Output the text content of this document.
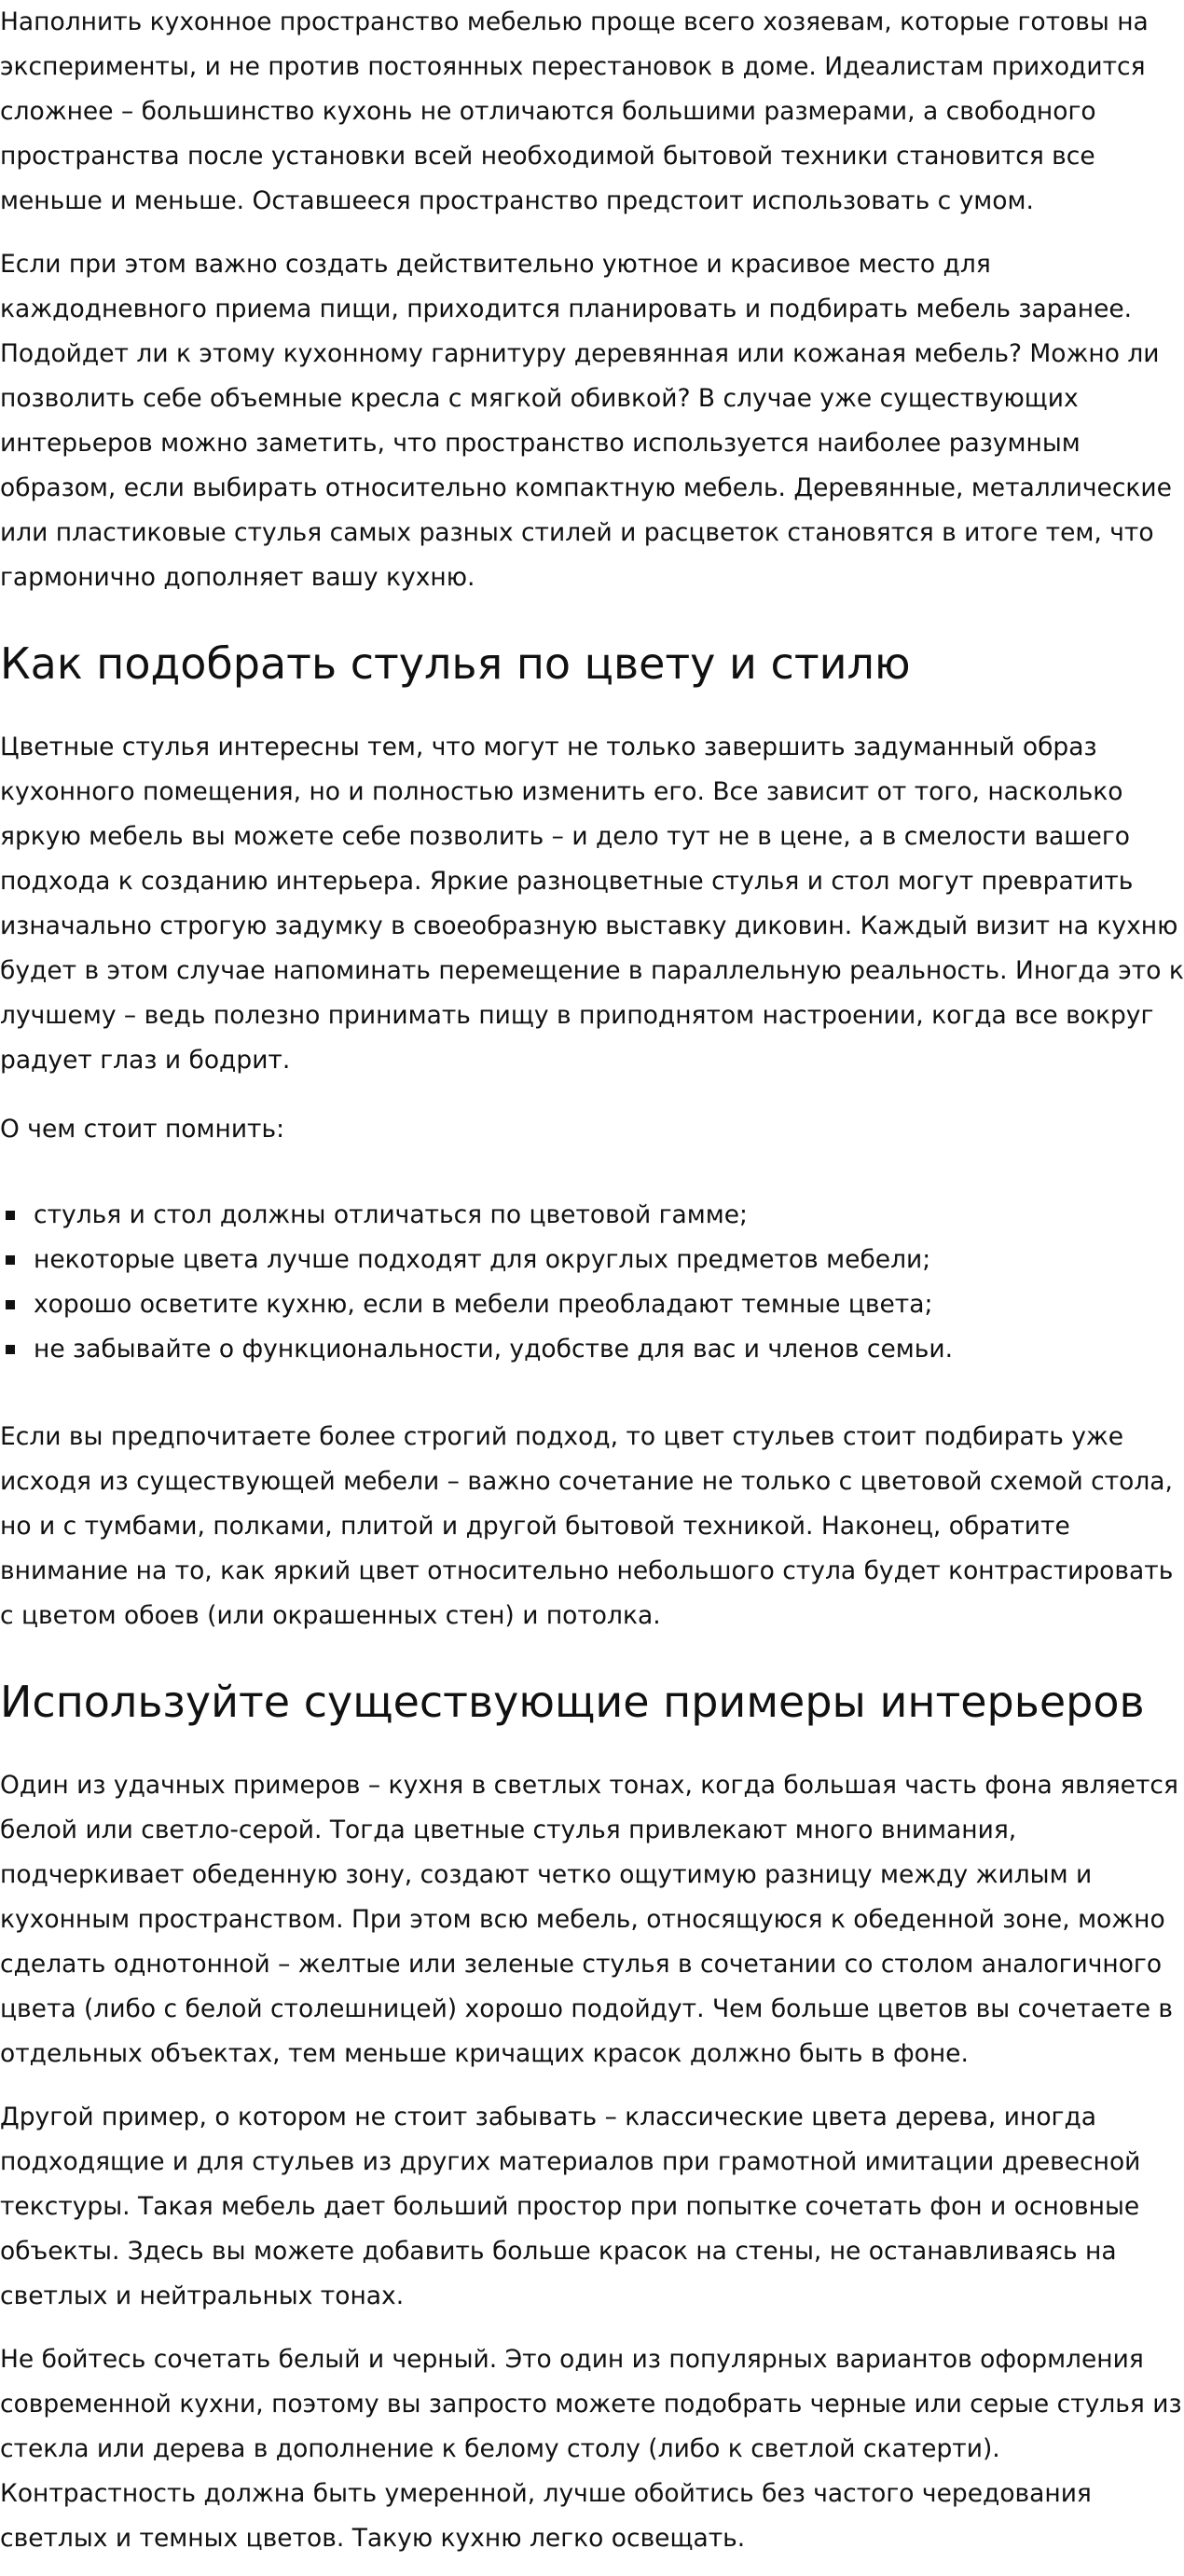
Наполнить кухонное пространство мебелью проще всего хозяевам, которые готовы на эксперименты, и не против постоянных перестановок в доме. Идеалистам приходится сложнее – большинство кухонь не отличаются большими размерами, а свободного пространства после установки всей необходимой бытовой техники становится все меньше и меньше. Оставшееся пространство предстоит использовать с умом.

Если при этом важно создать действительно уютное и красивое место для каждодневного приема пищи, приходится планировать и подбирать мебель заранее. Подойдет ли к этому кухонному гарнитуру деревянная или кожаная мебель? Можно ли позволить себе объемные кресла с мягкой обивкой? В случае уже существующих интерьеров можно заметить, что пространство используется наиболее разумным образом, если выбирать относительно компактную мебель. Деревянные, металлические или пластиковые стулья самых разных стилей и расцветок становятся в итоге тем, что гармонично дополняет вашу кухню.

Как подобрать стулья по цвету и стилю

Цветные стулья интересны тем, что могут не только завершить задуманный образ кухонного помещения, но и полностью изменить его. Все зависит от того, насколько яркую мебель вы можете себе позволить – и дело тут не в цене, а в смелости вашего подхода к созданию интерьера. Яркие разноцветные стулья и стол могут превратить изначально строгую задумку в своеобразную выставку диковин. Каждый визит на кухню будет в этом случае напоминать перемещение в параллельную реальность. Иногда это к лучшему – ведь полезно принимать пищу в приподнятом настроении, когда все вокруг радует глаз и бодрит.

О чем стоит помнить:

стулья и стол должны отличаться по цветовой гамме;
некоторые цвета лучше подходят для округлых предметов мебели;
хорошо осветите кухню, если в мебели преобладают темные цвета;
не забывайте о функциональности, удобстве для вас и членов семьи.

Если вы предпочитаете более строгий подход, то цвет стульев стоит подбирать уже исходя из существующей мебели – важно сочетание не только с цветовой схемой стола, но и с тумбами, полками, плитой и другой бытовой техникой. Наконец, обратите внимание на то, как яркий цвет относительно небольшого стула будет контрастировать с цветом обоев (или окрашенных стен) и потолка.

Используйте существующие примеры интерьеров

Один из удачных примеров – кухня в светлых тонах, когда большая часть фона является белой или светло-серой. Тогда цветные стулья привлекают много внимания, подчеркивает обеденную зону, создают четко ощутимую разницу между жилым и кухонным пространством. При этом всю мебель, относящуюся к обеденной зоне, можно сделать однотонной – желтые или зеленые стулья в сочетании со столом аналогичного цвета (либо с белой столешницей) хорошо подойдут. Чем больше цветов вы сочетаете в отдельных объектах, тем меньше кричащих красок должно быть в фоне.

Другой пример, о котором не стоит забывать – классические цвета дерева, иногда подходящие и для стульев из других материалов при грамотной имитации древесной текстуры. Такая мебель дает больший простор при попытке сочетать фон и основные объекты. Здесь вы можете добавить больше красок на стены, не останавливаясь на светлых и нейтральных тонах.

Не бойтесь сочетать белый и черный. Это один из популярных вариантов оформления современной кухни, поэтому вы запросто можете подобрать черные или серые стулья из стекла или дерева в дополнение к белому столу (либо к светлой скатерти). Контрастность должна быть умеренной, лучше обойтись без частого чередования светлых и темных цветов. Такую кухню легко освещать.
